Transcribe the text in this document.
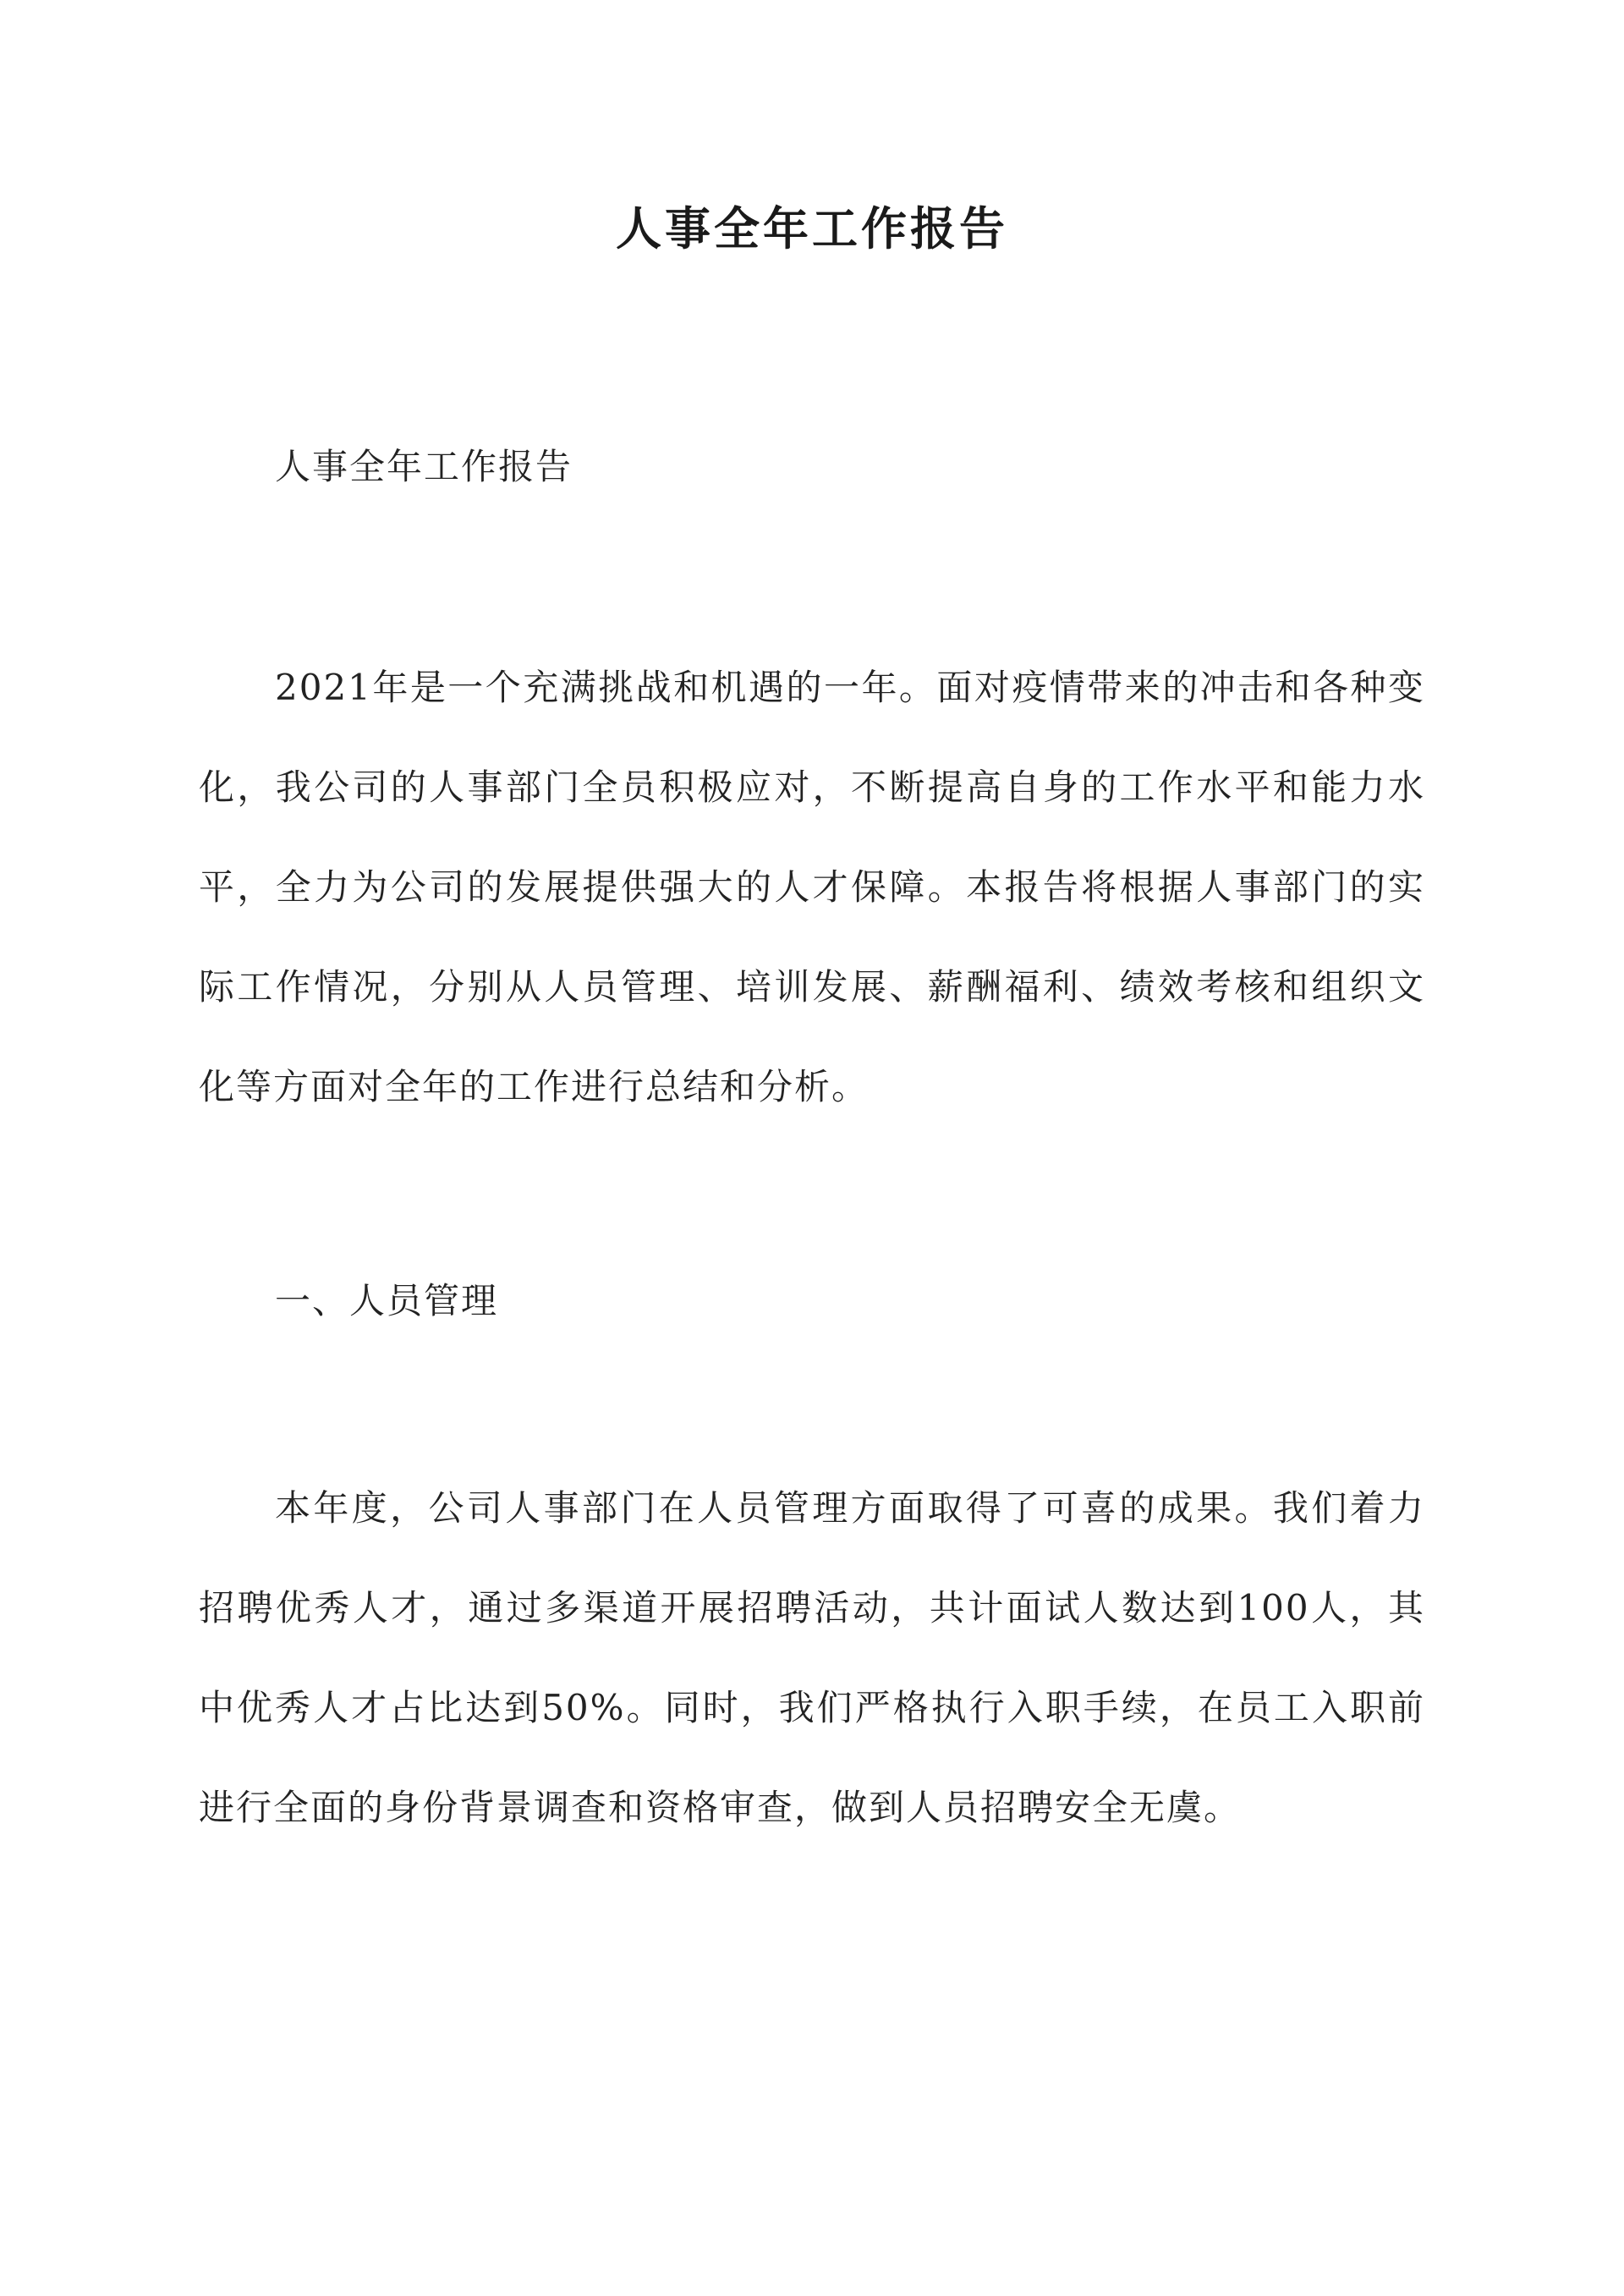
人事全年工作报告
人事全年工作报告
2021年是一个充满挑战和机遇的一年。面对疫情带来的冲击和各种变化，我公司的人事部门全员积极应对，不断提高自身的工作水平和能力水平，全力为公司的发展提供强大的人才保障。本报告将根据人事部门的实际工作情况，分别从人员管理、培训发展、薪酬福利、绩效考核和组织文化等方面对全年的工作进行总结和分析。
一、人员管理
本年度，公司人事部门在人员管理方面取得了可喜的成果。我们着力招聘优秀人才，通过多渠道开展招聘活动，共计面试人数达到100人，其中优秀人才占比达到50%。同时，我们严格执行入职手续，在员工入职前进行全面的身份背景调查和资格审查，做到人员招聘安全无虞。
